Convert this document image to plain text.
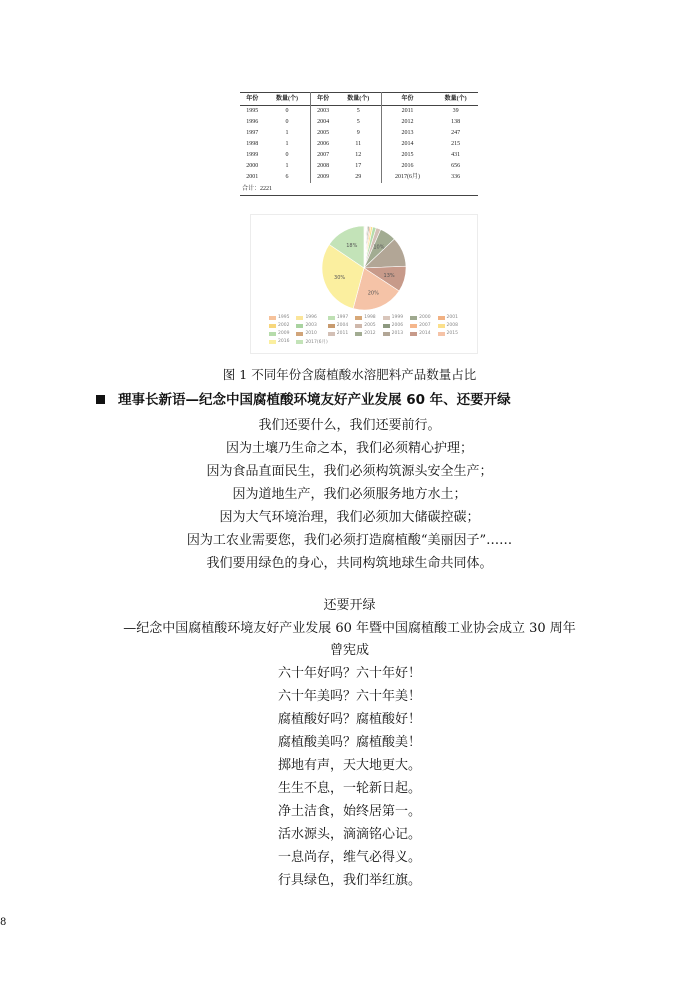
年份	数量(个)	年份	数量(个)	年份	数量(个)
1995	0	2003	5	2011	39
1996	0	2004	5	2012	138
1997	1	2005	9	2013	247
1998	1	2006	11	2014	215
1999	0	2007	12	2015	431
2000	1	2008	17	2016	656
2001	6	2009	29	2017(6月)	336
合计：2221					
18%
13%
10%
30%
20%
1995	1996	1997	1998	1999	2000	2001
2002	2003	2004	2005	2006	2007	2008
2009	2010	2011	2012	2013	2014	2015
2016	2017(6月)
图 1 不同年份含腐植酸水溶肥料产品数量占比
理事长新语—纪念中国腐植酸环境友好产业发展 60 年、还要开绿
我们还要什么，我们还要前行。
因为土壤乃生命之本，我们必须精心护理；
因为食品直面民生，我们必须构筑源头安全生产；
因为道地生产，我们必须服务地方水土；
因为大气环境治理，我们必须加大储碳控碳；
因为工农业需要您，我们必须打造腐植酸“美丽因子”……
我们要用绿色的身心，共同构筑地球生命共同体。
还要开绿
—纪念中国腐植酸环境友好产业发展 60 年暨中国腐植酸工业协会成立 30 周年
曾宪成
六十年好吗？六十年好！
六十年美吗？六十年美！
腐植酸好吗？腐植酸好！
腐植酸美吗？腐植酸美！
掷地有声，天大地更大。
生生不息，一轮新日起。
净土洁食，始终居第一。
活水源头，滴滴铭心记。
一息尚存，维气必得义。
行具绿色，我们举红旗。
8
